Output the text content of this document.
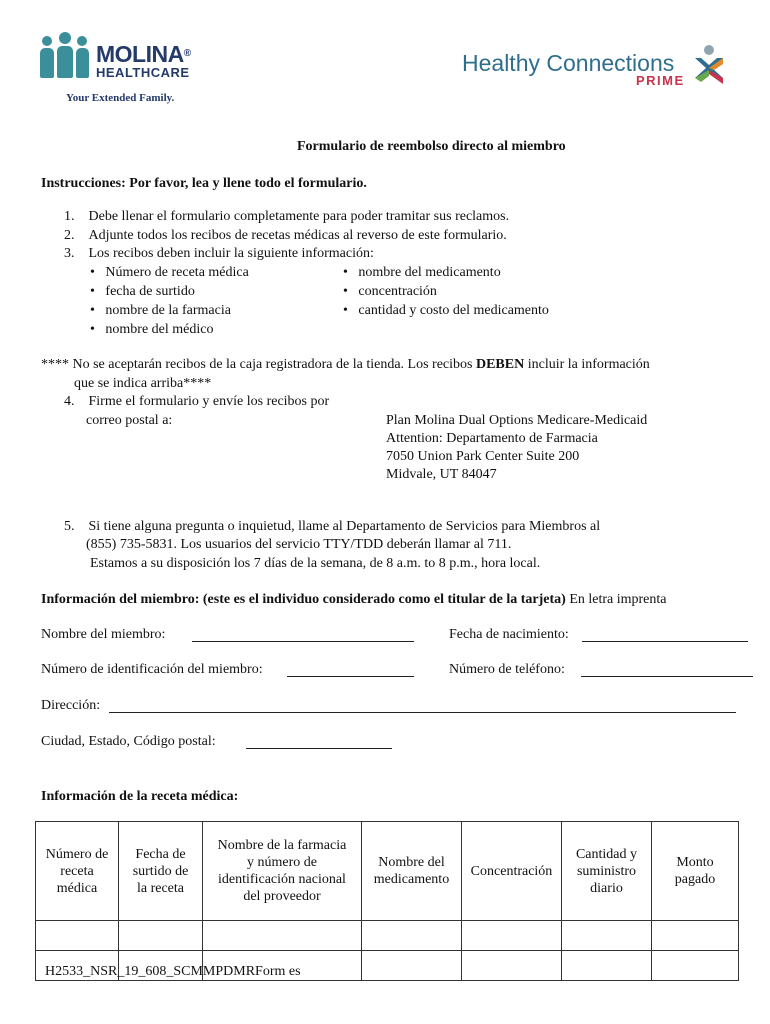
MOLINA®
HEALTHCARE
Your Extended Family.
Healthy Connections
PRIME
Formulario de reembolso directo al miembro
Instrucciones: Por favor, lea y llene todo el formulario.
1. Debe llenar el formulario completamente para poder tramitar sus reclamos.
2. Adjunte todos los recibos de recetas médicas al reverso de este formulario.
3. Los recibos deben incluir la siguiente información:
•   Número de receta médica
•   fecha de surtido
•   nombre de la farmacia
•   nombre del médico
•   nombre del medicamento
•   concentración
•   cantidad y costo del medicamento
**** No se aceptarán recibos de la caja registradora de la tienda. Los recibos DEBEN incluir la información
que se indica arriba****
4. Firme el formulario y envíe los recibos por
correo postal a:	Plan Molina Dual Options Medicare-Medicaid
Attention: Departamento de Farmacia
7050 Union Park Center Suite 200
Midvale, UT 84047
5. Si tiene alguna pregunta o inquietud, llame al Departamento de Servicios para Miembros al
(855) 735-5831. Los usuarios del servicio TTY/TDD deberán llamar al 711.
Estamos a su disposición los 7 días de la semana, de 8 a.m. to 8 p.m., hora local.
Información del miembro: (este es el individuo considerado como el titular de la tarjeta) En letra imprenta
Nombre del miembro:	Fecha de nacimiento:
Número de identificación del miembro:	Número de teléfono:
Dirección:
Ciudad, Estado, Código postal:
Información de la receta médica:
Número de
receta
médica	Fecha de
surtido de
la receta	Nombre de la farmacia
y número de
identificación nacional
del proveedor	Nombre del
medicamento	Concentración	Cantidad y
suministro
diario	Monto
pagado

H2533_NSR_19_608_SCMMPDMRForm es
